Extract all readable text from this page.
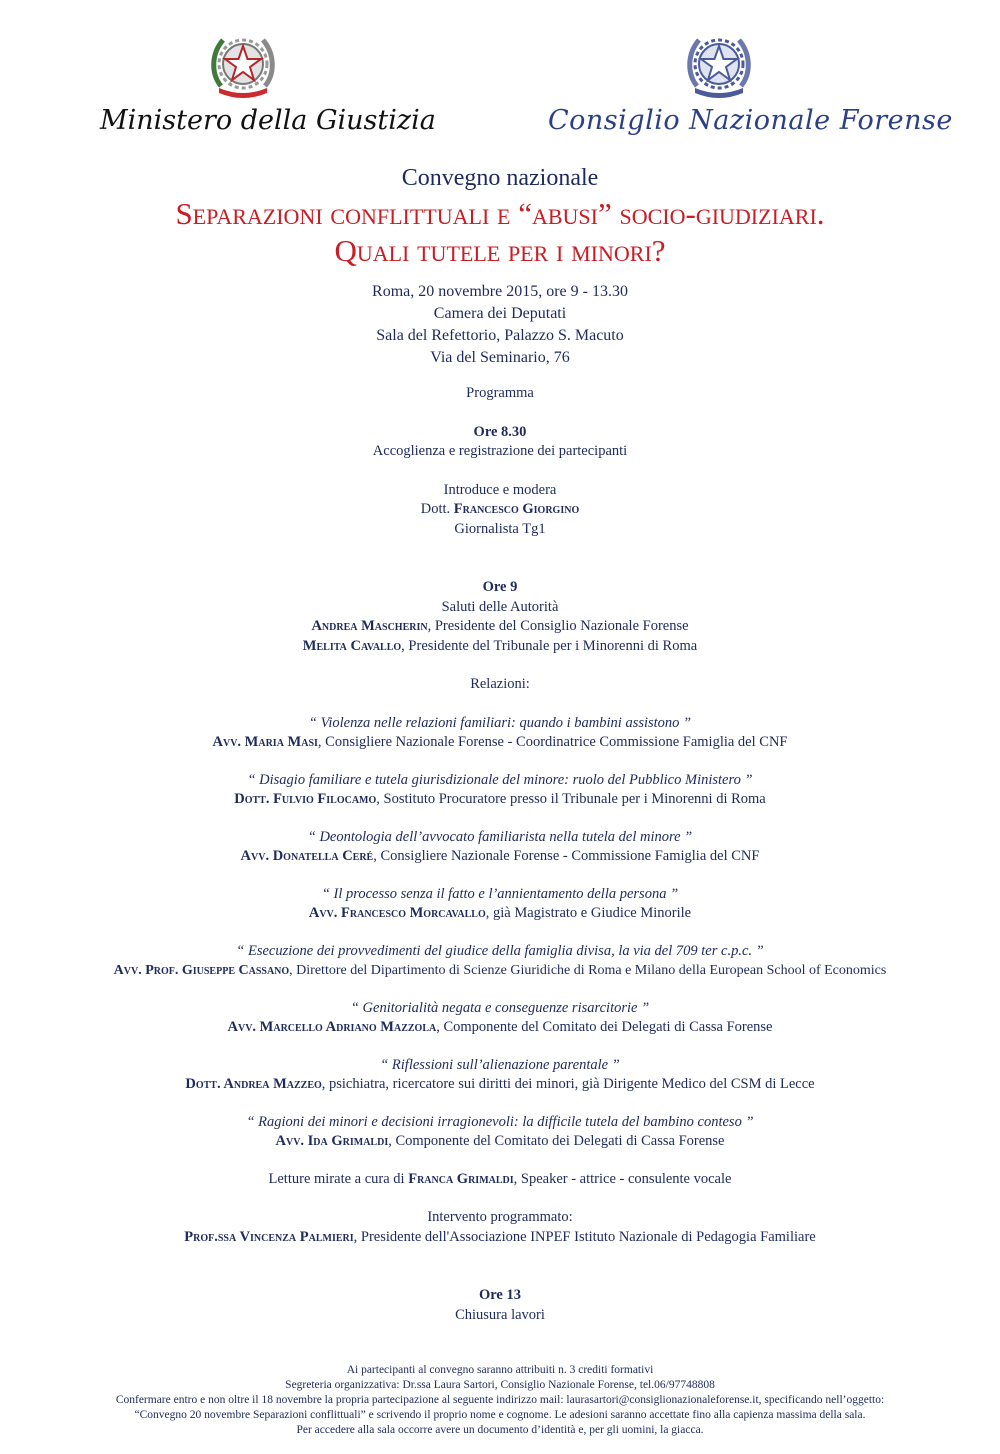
Ministero della Giustizia	Consiglio Nazionale Forense

Convegno nazionale

Separazioni conflittuali e “abusi” socio-giudiziari.
Quali tutele per i minori?
Roma, 20 novembre 2015, ore 9 - 13.30
Camera dei Deputati
Sala del Refettorio, Palazzo S. Macuto
Via del Seminario, 76

Programma

Ore 8.30

Accoglienza e registrazione dei partecipanti

Introduce e modera

Dott. Francesco Giorgino

Giornalista Tg1

Ore 9

Saluti delle Autorità

Andrea Mascherin, Presidente del Consiglio Nazionale Forense

Melita Cavallo, Presidente del Tribunale per i Minorenni di Roma

Relazioni:

“ Violenza nelle relazioni familiari: quando i bambini assistono ”

Avv. Maria Masi, Consigliere Nazionale Forense - Coordinatrice Commissione Famiglia del CNF

“ Disagio familiare e tutela giurisdizionale del minore: ruolo del Pubblico Ministero ”

Dott. Fulvio Filocamo, Sostituto Procuratore presso il Tribunale per i Minorenni di Roma

“ Deontologia dell’avvocato familiarista nella tutela del minore ”

Avv. Donatella Ceré, Consigliere Nazionale Forense - Commissione Famiglia del CNF

“ Il processo senza il fatto e l’annientamento della persona ”

Avv. Francesco Morcavallo, già Magistrato e Giudice Minorile

“ Esecuzione dei provvedimenti del giudice della famiglia divisa, la via del 709 ter c.p.c. ”

Avv. Prof. Giuseppe Cassano, Direttore del Dipartimento di Scienze Giuridiche di Roma e Milano della European School of Economics

“ Genitorialità negata e conseguenze risarcitorie ”

Avv. Marcello Adriano Mazzola, Componente del Comitato dei Delegati di Cassa Forense

“ Riflessioni sull’alienazione parentale ”

Dott. Andrea Mazzeo, psichiatra, ricercatore sui diritti dei minori, già Dirigente Medico del CSM di Lecce

“ Ragioni dei minori e decisioni irragionevoli: la difficile tutela del bambino conteso ”

Avv. Ida Grimaldi, Componente del Comitato dei Delegati di Cassa Forense

Letture mirate a cura di Franca Grimaldi, Speaker - attrice - consulente vocale

Intervento programmato:

Prof.ssa Vincenza Palmieri, Presidente dell'Associazione INPEF Istituto Nazionale di Pedagogia Familiare

Ore 13

Chiusura lavori

Ai partecipanti al convegno saranno attribuiti n. 3 crediti formativi

Segreteria organizzativa: Dr.ssa Laura Sartori, Consiglio Nazionale Forense, tel.06/97748808

Confermare entro e non oltre il 18 novembre la propria partecipazione al seguente indirizzo mail: laurasartori@consiglionazionaleforense.it, specificando nell’oggetto:

“Convegno 20 novembre Separazioni conflittuali” e scrivendo il proprio nome e cognome. Le adesioni saranno accettate fino alla capienza massima della sala.

Per accedere alla sala occorre avere un documento d’identità e, per gli uomini, la giacca.
